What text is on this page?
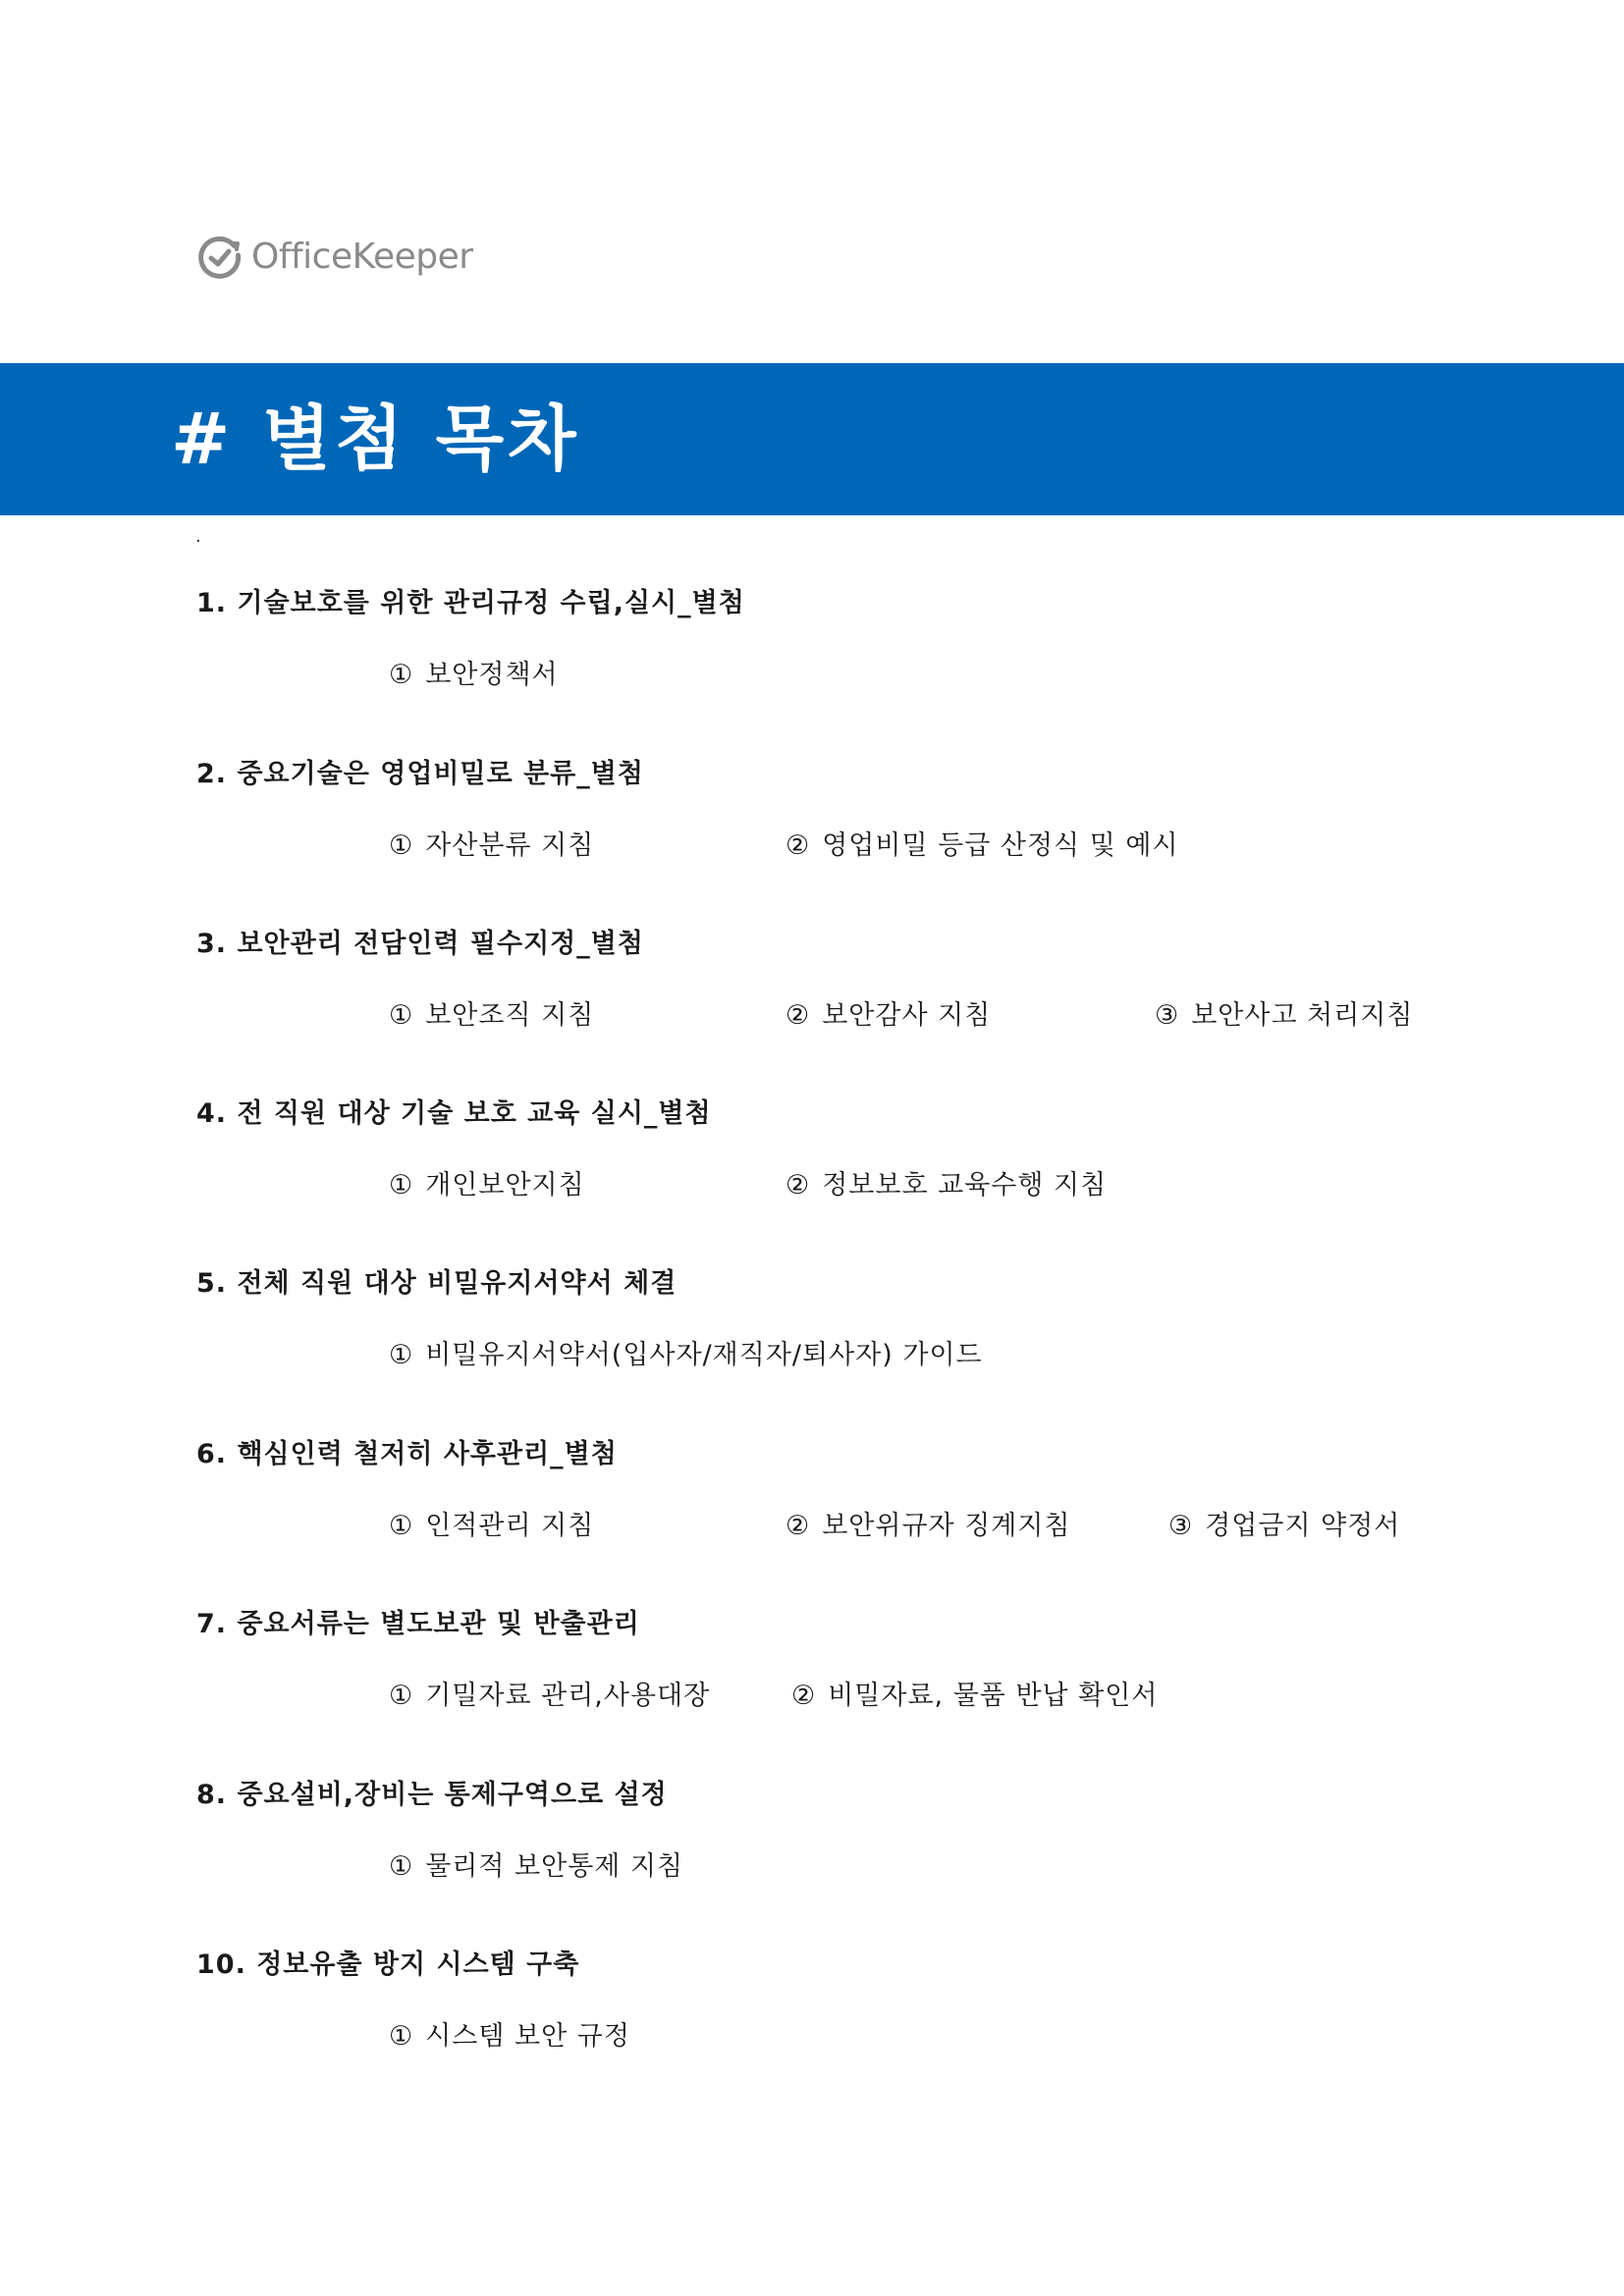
OfficeKeeper
# 별첨 목차
.
1. 기술보호를 위한 관리규정 수립,실시_별첨
① 보안정책서
2. 중요기술은 영업비밀로 분류_별첨
① 자산분류 지침	② 영업비밀 등급 산정식 및 예시
3. 보안관리 전담인력 필수지정_별첨
① 보안조직 지침	② 보안감사 지침	③ 보안사고 처리지침
4. 전 직원 대상 기술 보호 교육 실시_별첨
① 개인보안지침	② 정보보호 교육수행 지침
5. 전체 직원 대상 비밀유지서약서 체결
① 비밀유지서약서(입사자/재직자/퇴사자) 가이드
6. 핵심인력 철저히 사후관리_별첨
① 인적관리 지침	② 보안위규자 징계지침	③ 경업금지 약정서
7. 중요서류는 별도보관 및 반출관리
① 기밀자료 관리,사용대장	② 비밀자료, 물품 반납 확인서
8. 중요설비,장비는 통제구역으로 설정
① 물리적 보안통제 지침
10. 정보유출 방지 시스템 구축
① 시스템 보안 규정
